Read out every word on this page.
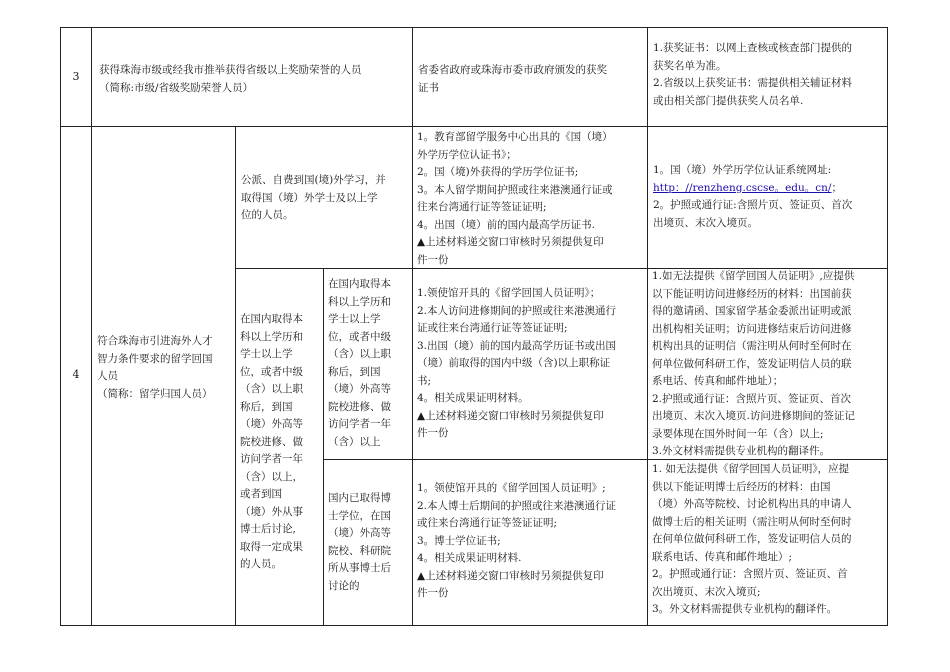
3	获得珠海市级或经我市推举获得省级以上奖励荣誉的人员
（简称:市级/省级奖励荣誉人员）
省委省政府或珠海市委市政府颁发的获奖
证书
1.获奖证书：以网上查核或核查部门提供的
获奖名单为准。
2.省级以上获奖证书：需提供相关辅证材料
或由相关部门提供获奖人员名单.
4
符合珠海市引进海外人才
智力条件要求的留学回国
人员
（简称：留学归国人员）
公派、自费到国(境)外学习，并
取得国（境）外学士及以上学
位的人员。
1。教育部留学服务中心出具的《国（境）
外学历学位认证书》；
2。国（境)外获得的学历学位证书;
3。本人留学期间护照或往来港澳通行证或
往来台湾通行证等签证证明;
4。出国（境）前的国内最高学历证书.
▲上述材料递交窗口审核时另须提供复印
件一份
1。国（境）外学历学位认证系统网址:
http：//renzheng.cscse。edu。cn/；
2。护照或通行证:含照片页、签证页、首次
出境页、末次入境页。
在国内取得本
科以上学历和
学士以上学
位，或者中级
（含）以上职
称后，到国
（境）外高等
院校进修、做
访问学者一年
（含）以上，
或者到国
（境）外从事
博士后讨论,
取得一定成果
的人员。
在国内取得本
科以上学历和
学士以上学
位，或者中级
（含）以上职
称后，到国
（境）外高等
院校进修、做
访问学者一年
（含）以上
1.领使馆开具的《留学回国人员证明》；
2.本人访问进修期间的护照或往来港澳通行
证或往来台湾通行证等签证证明;
3.出国（境）前的国内最高学历证书或出国
（境）前取得的国内中级（含)以上职称证
书;
4。相关成果证明材料。
▲上述材料递交窗口审核时另须提供复印
件一份
1.如无法提供《留学回国人员证明》,应提供
以下能证明访问进修经历的材料：出国前获
得的邀请函、国家留学基金委派出证明或派
出机构相关证明；访问进修结束后访问进修
机构出具的证明信（需注明从何时至何时在
何单位做何科研工作，签发证明信人员的联
系电话、传真和邮件地址）；
2.护照或通行证：含照片页、签证页、首次
出境页、末次入境页.访问进修期间的签证记
录要体现在国外时间一年（含）以上;
3.外文材料需提供专业机构的翻译件。
国内已取得博
士学位，在国
（境）外高等
院校、科研院
所从事博士后
讨论的
1。领使馆开具的《留学回国人员证明》;
2.本人博士后期间的护照或往来港澳通行证
或往来台湾通行证等签证证明;
3。博士学位证书;
4。相关成果证明材料.
▲上述材料递交窗口审核时另须提供复印
件一份
1. 如无法提供《留学回国人员证明》，应提
供以下能证明博士后经历的材料：由国
（境）外高等院校、讨论机构出具的申请人
做博士后的相关证明（需注明从何时至何时
在何单位做何科研工作，签发证明信人员的
联系电话、传真和邮件地址）;
2。护照或通行证：含照片页、签证页、首
次出境页、末次入境页;
3。外文材料需提供专业机构的翻译件。
